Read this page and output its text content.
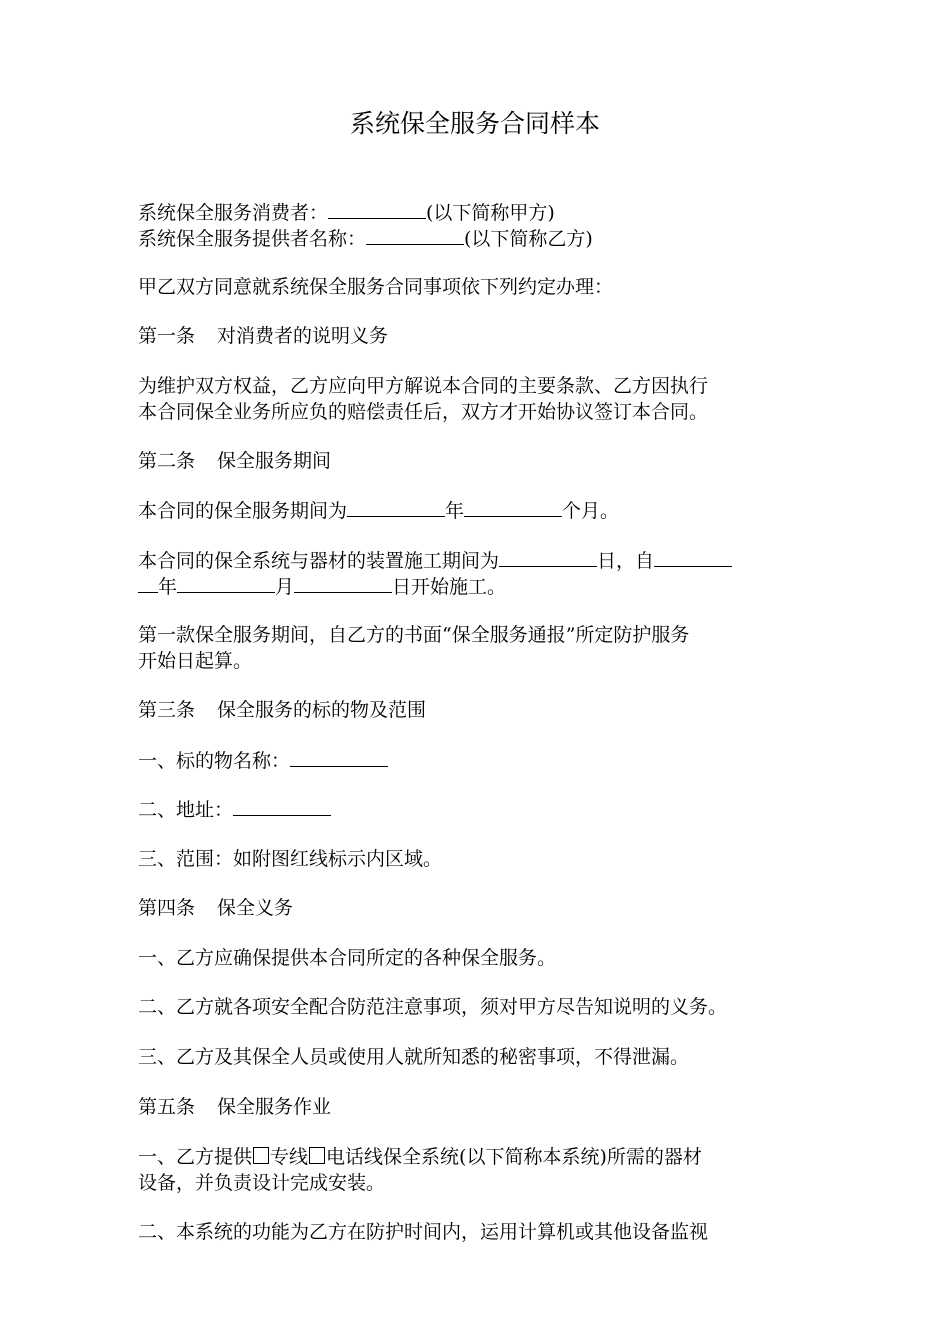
系统保全服务合同样本
系统保全服务消费者：	(以下简称甲方)
系统保全服务提供者名称：	(以下简称乙方)
甲乙双方同意就系统保全服务合同事项依下列约定办理：
第一条 对消费者的说明义务
为维护双方权益，乙方应向甲方解说本合同的主要条款、乙方因执行
本合同保全业务所应负的赔偿责任后，双方才开始协议签订本合同。
第二条 保全服务期间
本合同的保全服务期间为	年	个月。
本合同的保全系统与器材的装置施工期间为	日，自
年	月	日开始施工。
第一款保全服务期间，自乙方的书面“保全服务通报”所定防护服务
开始日起算。
第三条 保全服务的标的物及范围
一、标的物名称：
二、地址：
三、范围：如附图红线标示内区域。
第四条 保全义务
一、乙方应确保提供本合同所定的各种保全服务。
二、乙方就各项安全配合防范注意事项，须对甲方尽告知说明的义务。
三、乙方及其保全人员或使用人就所知悉的秘密事项，不得泄漏。
第五条 保全服务作业
一、乙方提供 专线 电话线保全系统(以下简称本系统)所需的器材
设备，并负责设计完成安装。
二、本系统的功能为乙方在防护时间内，运用计算机或其他设备监视
